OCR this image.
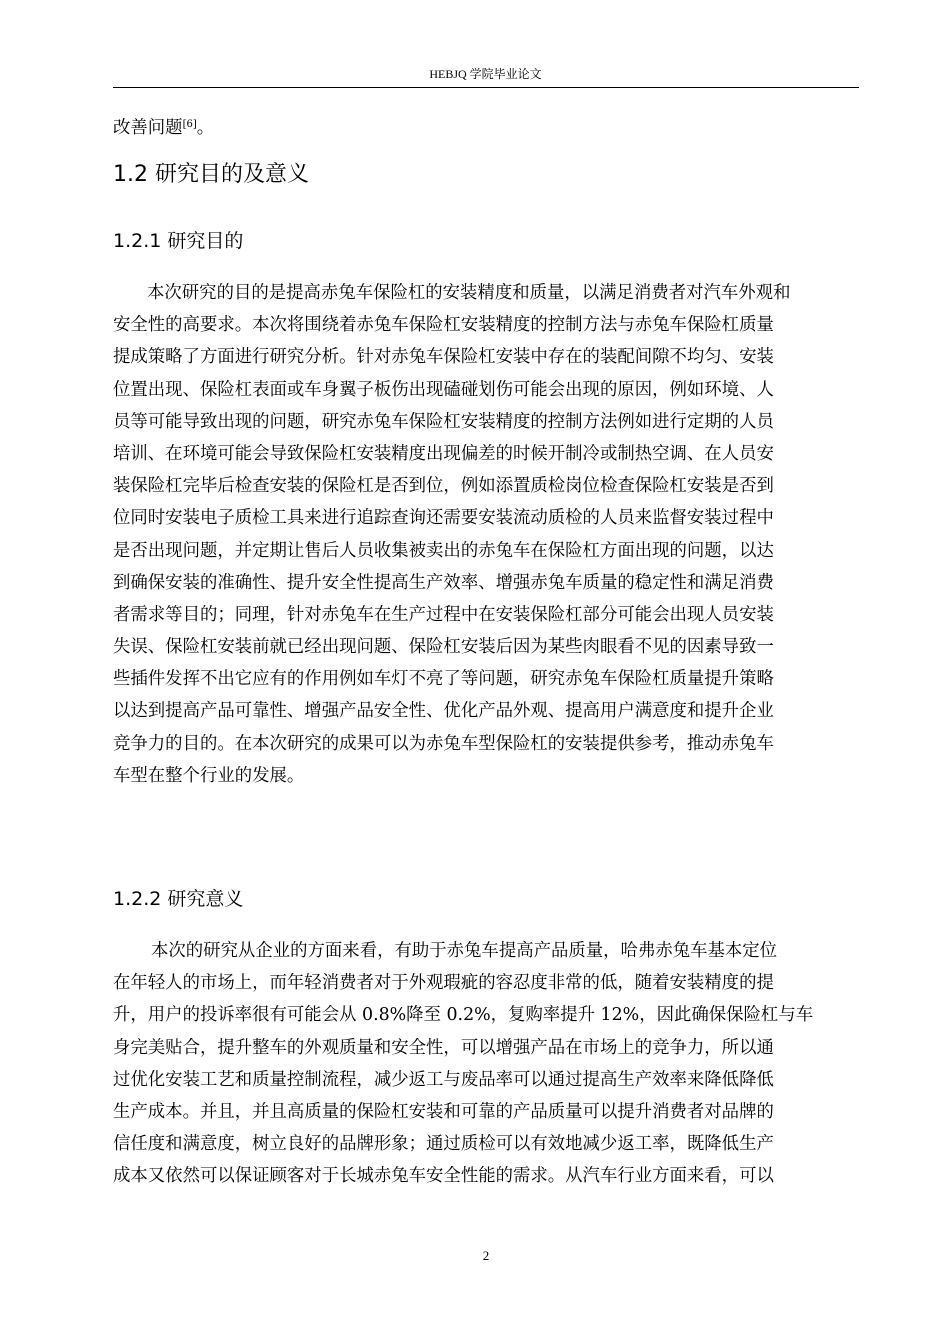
HEBJQ 学院毕业论文
改善问题[6]。
1.2 研究目的及意义
1.2.1 研究目的
本次研究的目的是提高赤兔车保险杠的安装精度和质量，以满足消费者对汽车外观和
安全性的高要求。本次将围绕着赤兔车保险杠安装精度的控制方法与赤兔车保险杠质量
提成策略了方面进行研究分析。针对赤兔车保险杠安装中存在的装配间隙不均匀、安装
位置出现、保险杠表面或车身翼子板伤出现磕碰划伤可能会出现的原因，例如环境、人
员等可能导致出现的问题，研究赤兔车保险杠安装精度的控制方法例如进行定期的人员
培训、在环境可能会导致保险杠安装精度出现偏差的时候开制冷或制热空调、在人员安
装保险杠完毕后检查安装的保险杠是否到位，例如添置质检岗位检查保险杠安装是否到
位同时安装电子质检工具来进行追踪查询还需要安装流动质检的人员来监督安装过程中
是否出现问题，并定期让售后人员收集被卖出的赤兔车在保险杠方面出现的问题，以达
到确保安装的准确性、提升安全性提高生产效率、增强赤兔车质量的稳定性和满足消费
者需求等目的；同理，针对赤兔车在生产过程中在安装保险杠部分可能会出现人员安装
失误、保险杠安装前就已经出现问题、保险杠安装后因为某些肉眼看不见的因素导致一
些插件发挥不出它应有的作用例如车灯不亮了等问题，研究赤兔车保险杠质量提升策略
以达到提高产品可靠性、增强产品安全性、优化产品外观、提高用户满意度和提升企业
竞争力的目的。在本次研究的成果可以为赤兔车型保险杠的安装提供参考，推动赤兔车
车型在整个行业的发展。
1.2.2 研究意义
本次的研究从企业的方面来看，有助于赤兔车提高产品质量，哈弗赤兔车基本定位
在年轻人的市场上，而年轻消费者对于外观瑕疵的容忍度非常的低，随着安装精度的提
升，用户的投诉率很有可能会从 0.8%降至 0.2%，复购率提升 12%，因此确保保险杠与车
身完美贴合，提升整车的外观质量和安全性，可以增强产品在市场上的竞争力，所以通
过优化安装工艺和质量控制流程，减少返工与废品率可以通过提高生产效率来降低降低
生产成本。并且，并且高质量的保险杠安装和可靠的产品质量可以提升消费者对品牌的
信任度和满意度，树立良好的品牌形象；通过质检可以有效地减少返工率，既降低生产
成本又依然可以保证顾客对于长城赤兔车安全性能的需求。从汽车行业方面来看，可以
2
